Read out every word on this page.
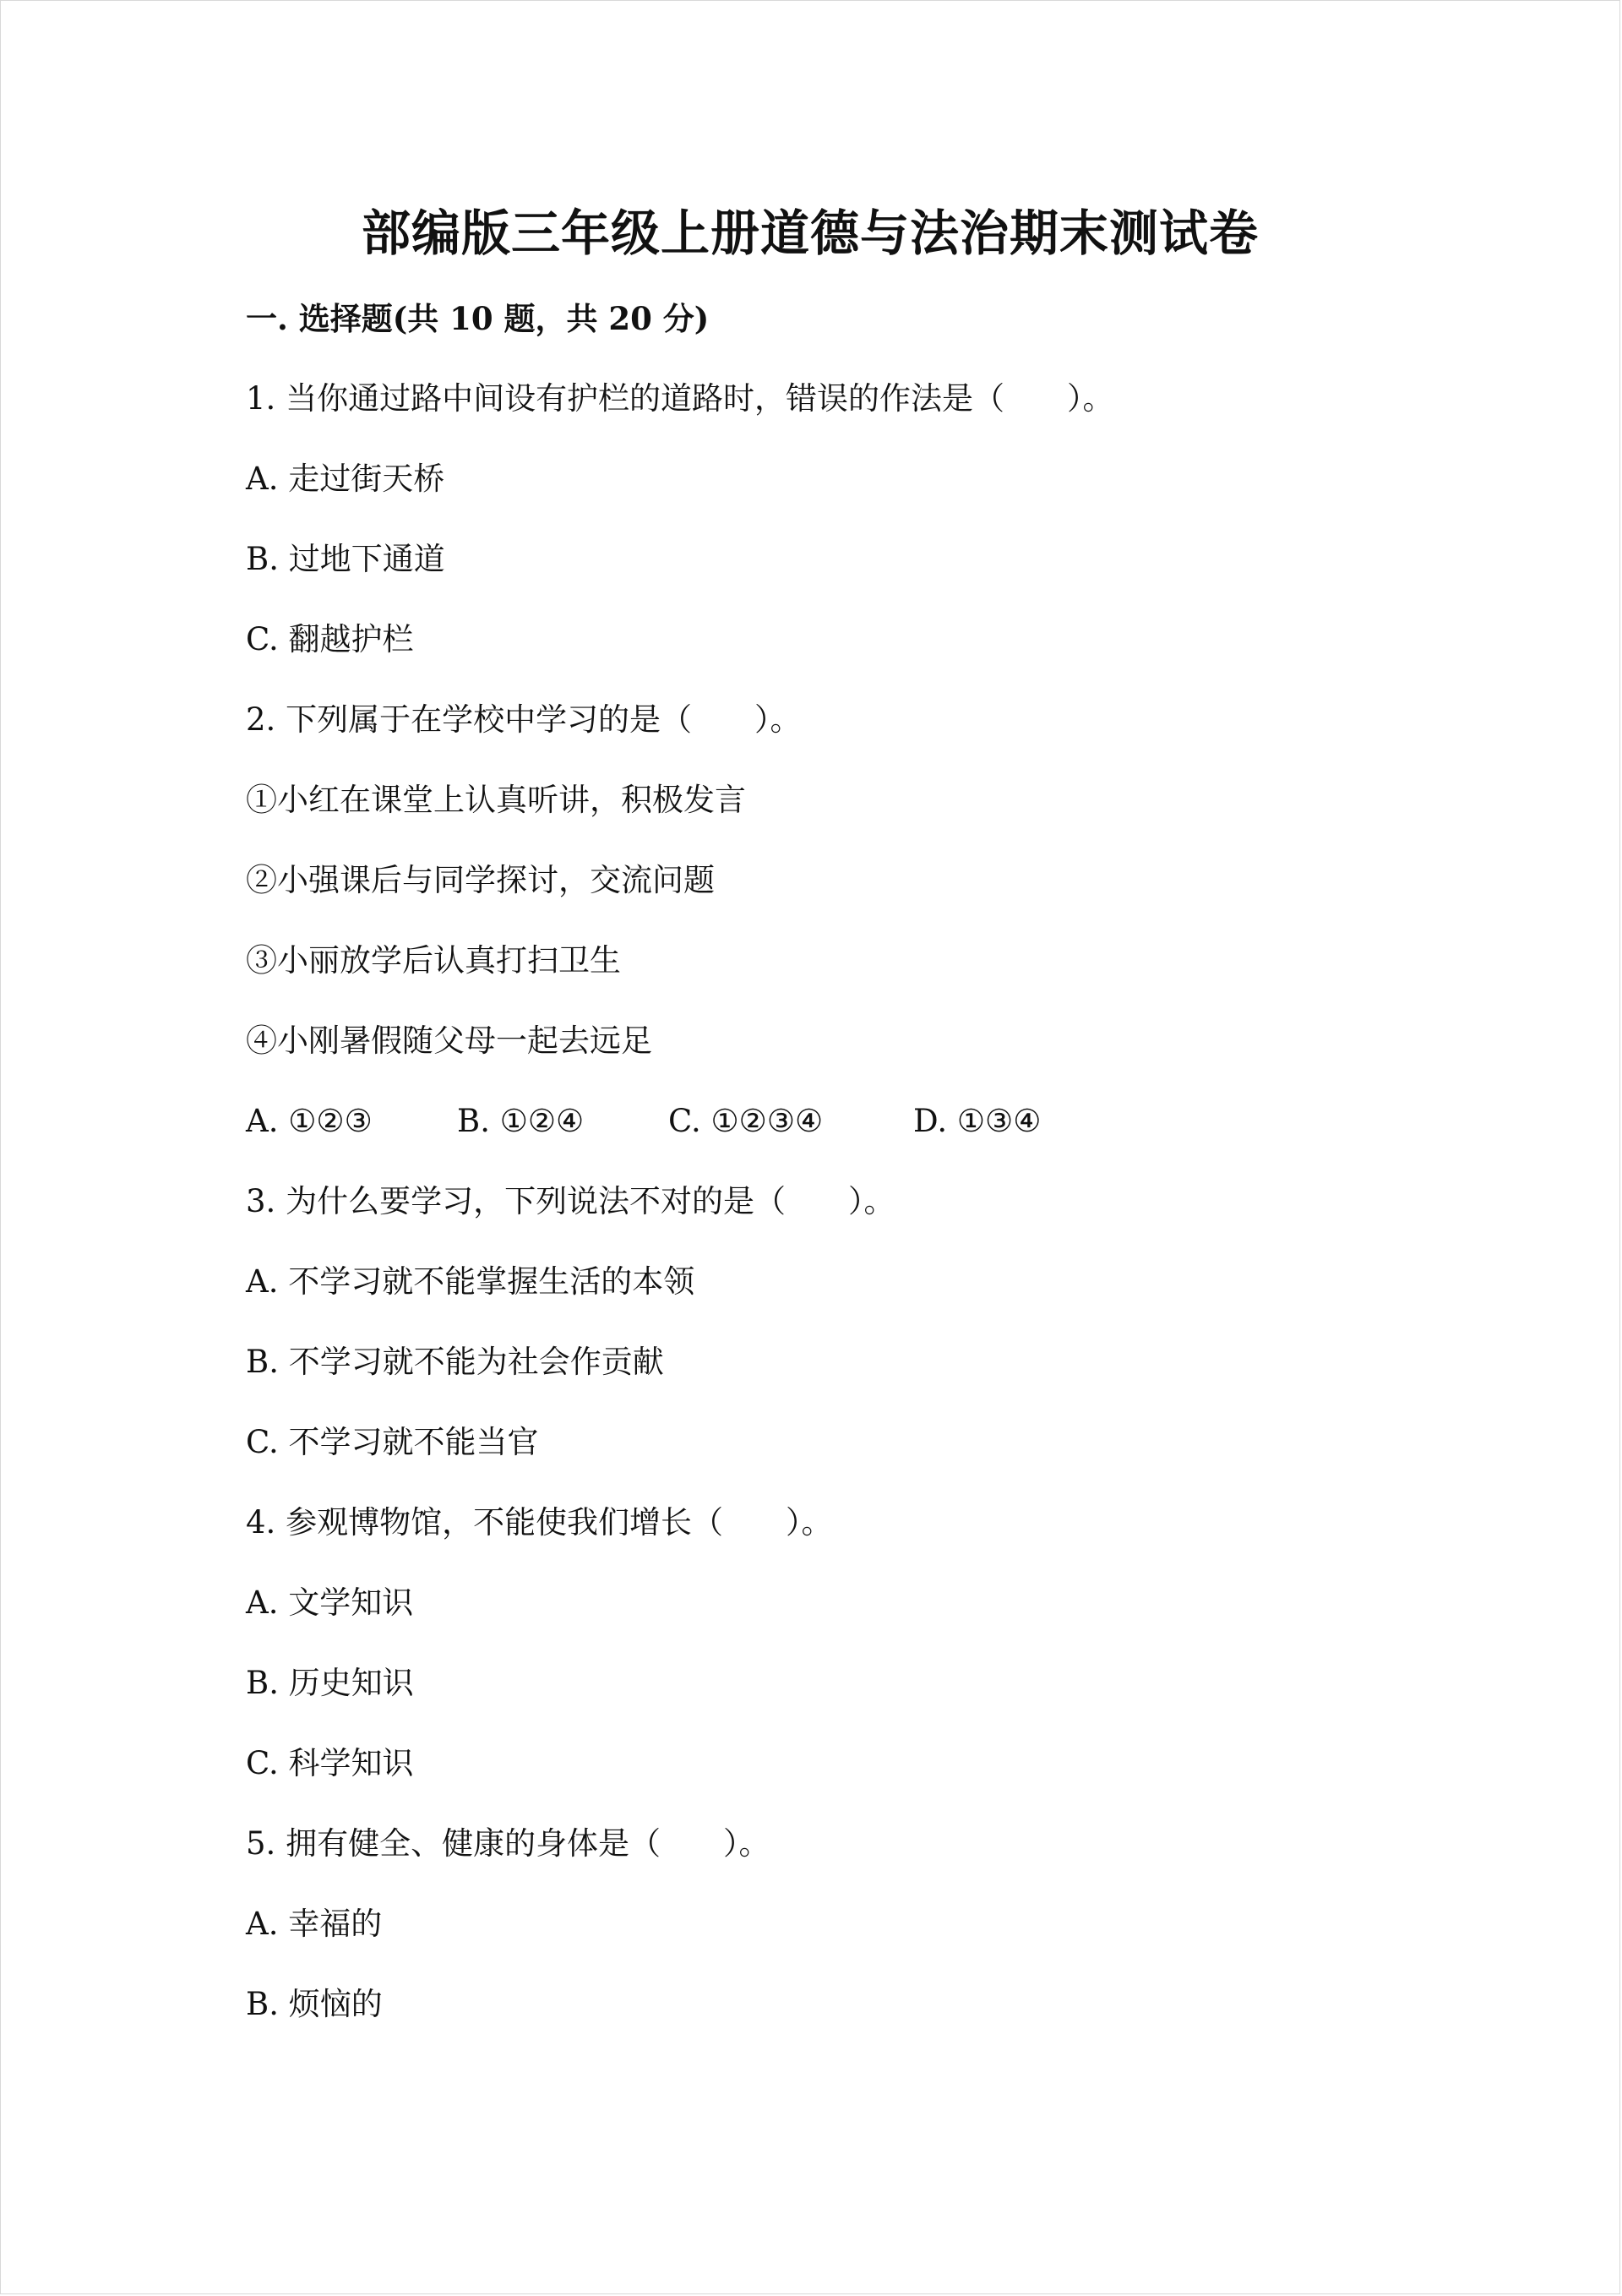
部编版三年级上册道德与法治期末测试卷
一. 选择题(共 10 题，共 20 分)
1. 当你通过路中间设有护栏的道路时，错误的作法是（　　）。
A. 走过街天桥
B. 过地下通道
C. 翻越护栏
2. 下列属于在学校中学习的是（　　）。
①小红在课堂上认真听讲，积极发言
②小强课后与同学探讨，交流问题
③小丽放学后认真打扫卫生
④小刚暑假随父母一起去远足
A. ①②③	B. ①②④	C. ①②③④	D. ①③④
3. 为什么要学习，下列说法不对的是（　　）。
A. 不学习就不能掌握生活的本领
B. 不学习就不能为社会作贡献
C. 不学习就不能当官
4. 参观博物馆，不能使我们增长（　　）。
A. 文学知识
B. 历史知识
C. 科学知识
5. 拥有健全、健康的身体是（　　）。
A. 幸福的
B. 烦恼的
